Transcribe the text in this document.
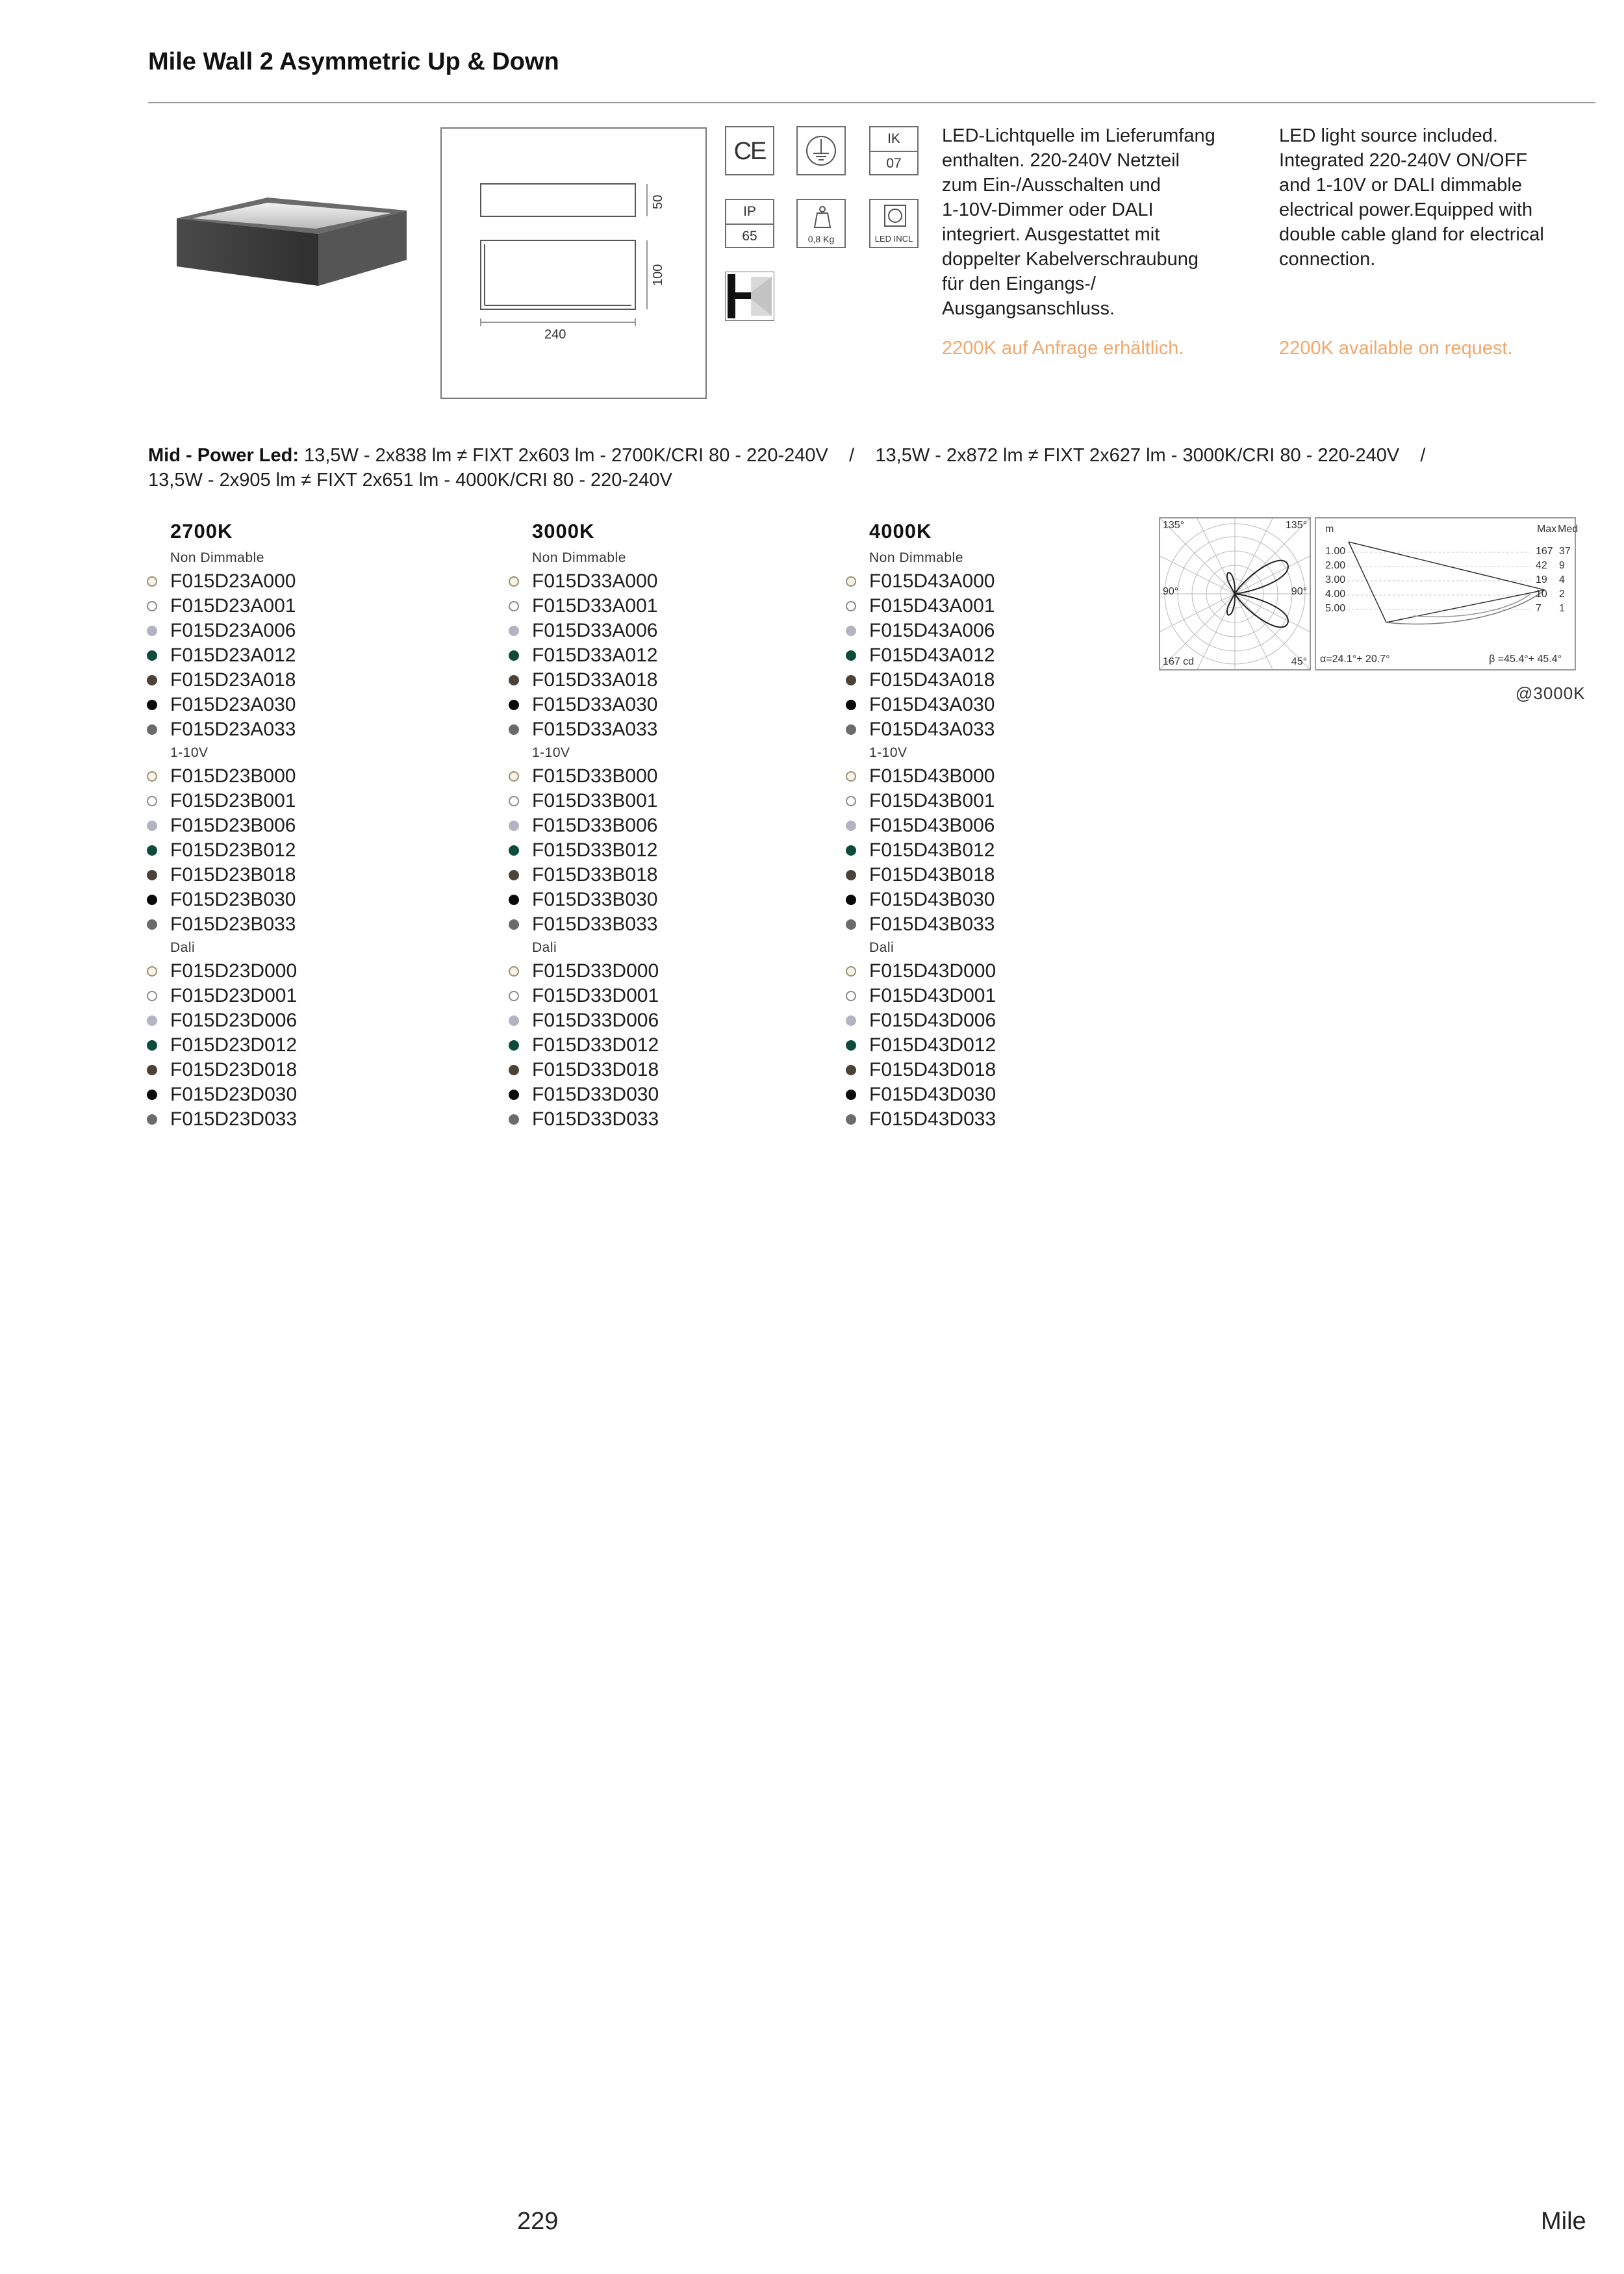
Mile Wall 2 Asymmetric Up & Down
50
100
240
CE	IK
07
IP
65	0,8 Kg	LED INCL
LED-Lichtquelle im Lieferumfang
enthalten. 220-240V Netzteil
zum Ein-/Ausschalten und
1-10V-Dimmer oder DALI
integriert. Ausgestattet mit
doppelter Kabelverschraubung
für den Eingangs-/
Ausgangsanschluss.
2200K auf Anfrage erhältlich.
LED light source included.
Integrated 220-240V ON/OFF
and 1-10V or DALI dimmable
electrical power.Equipped with
double cable gland for electrical
connection.
2200K available on request.
Mid - Power Led: 13,5W - 2x838 lm ≠ FIXT 2x603 lm - 2700K/CRI 80 - 220-240V    /    13,5W - 2x872 lm ≠ FIXT 2x627 lm - 3000K/CRI 80 - 220-240V    /
13,5W - 2x905 lm ≠ FIXT 2x651 lm - 4000K/CRI 80 - 220-240V
2700K
Non Dimmable
F015D23A000
F015D23A001
F015D23A006
F015D23A012
F015D23A018
F015D23A030
F015D23A033
1-10V
F015D23B000
F015D23B001
F015D23B006
F015D23B012
F015D23B018
F015D23B030
F015D23B033
Dali
F015D23D000
F015D23D001
F015D23D006
F015D23D012
F015D23D018
F015D23D030
F015D23D033
3000K
Non Dimmable
F015D33A000
F015D33A001
F015D33A006
F015D33A012
F015D33A018
F015D33A030
F015D33A033
1-10V
F015D33B000
F015D33B001
F015D33B006
F015D33B012
F015D33B018
F015D33B030
F015D33B033
Dali
F015D33D000
F015D33D001
F015D33D006
F015D33D012
F015D33D018
F015D33D030
F015D33D033
4000K
Non Dimmable
F015D43A000
F015D43A001
F015D43A006
F015D43A012
F015D43A018
F015D43A030
F015D43A033
1-10V
F015D43B000
F015D43B001
F015D43B006
F015D43B012
F015D43B018
F015D43B030
F015D43B033
Dali
F015D43D000
F015D43D001
F015D43D006
F015D43D012
F015D43D018
F015D43D030
F015D43D033
135°	135°
90°	90°
167 cd	45°
m	Max Med
1.00	167 37
2.00	42 9
3.00	19 4
4.00	10 2
5.00	7 1
α=24.1°+ 20.7°	β =45.4°+ 45.4°
@3000K
229	Mile
